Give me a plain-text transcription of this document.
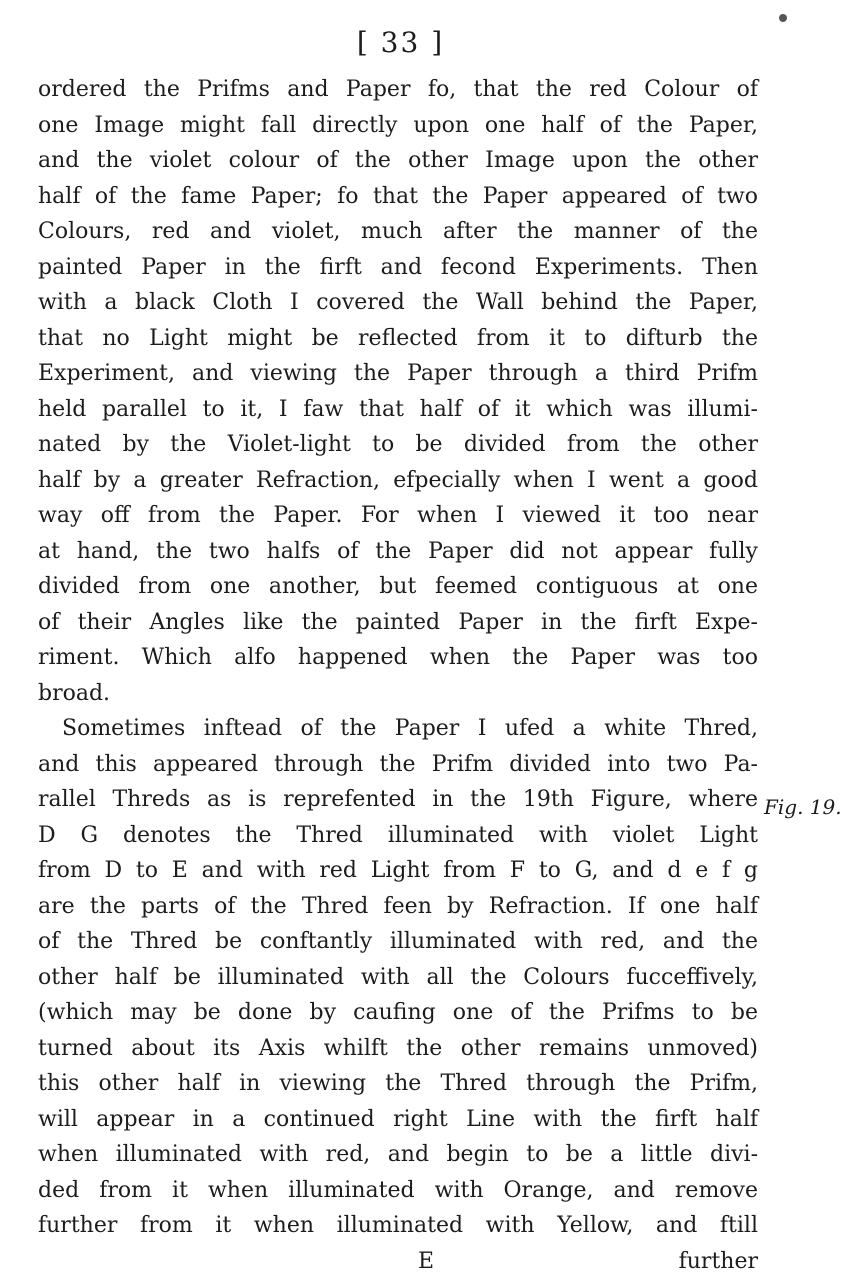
[ 33 ]
ordered the Prifms and Paper fo, that the red Colour of
one Image might fall directly upon one half of the Paper,
and the violet colour of the other Image upon the other
half of the fame Paper; fo that the Paper appeared of two
Colours, red and violet, much after the manner of the
painted Paper in the firft and fecond Experiments. Then
with a black Cloth I covered the Wall behind the Paper,
that no Light might be reflected from it to difturb the
Experiment, and viewing the Paper through a third Prifm
held parallel to it, I faw that half of it which was illumi-
nated by the Violet-light to be divided from the other
half by a greater Refraction, efpecially when I went a good
way off from the Paper. For when I viewed it too near
at hand, the two halfs of the Paper did not appear fully
divided from one another, but feemed contiguous at one
of their Angles like the painted Paper in the firft Expe-
riment. Which alfo happened when the Paper was too
broad.
Sometimes inftead of the Paper I ufed a white Thred,
and this appeared through the Prifm divided into two Pa-
rallel Threds as is reprefented in the 19th Figure, where
D G denotes the Thred illuminated with violet Light
from D to E and with red Light from F to G, and d e f g
are the parts of the Thred feen by Refraction. If one half
of the Thred be conftantly illuminated with red, and the
other half be illuminated with all the Colours fucceffively,
(which may be done by caufing one of the Prifms to be
turned about its Axis whilft the other remains unmoved)
this other half in viewing the Thred through the Prifm,
will appear in a continued right Line with the firft half
when illuminated with red, and begin to be a little divi-
ded from it when illuminated with Orange, and remove
further from it when illuminated with Yellow, and ftill
E	further
Fig. 19.
